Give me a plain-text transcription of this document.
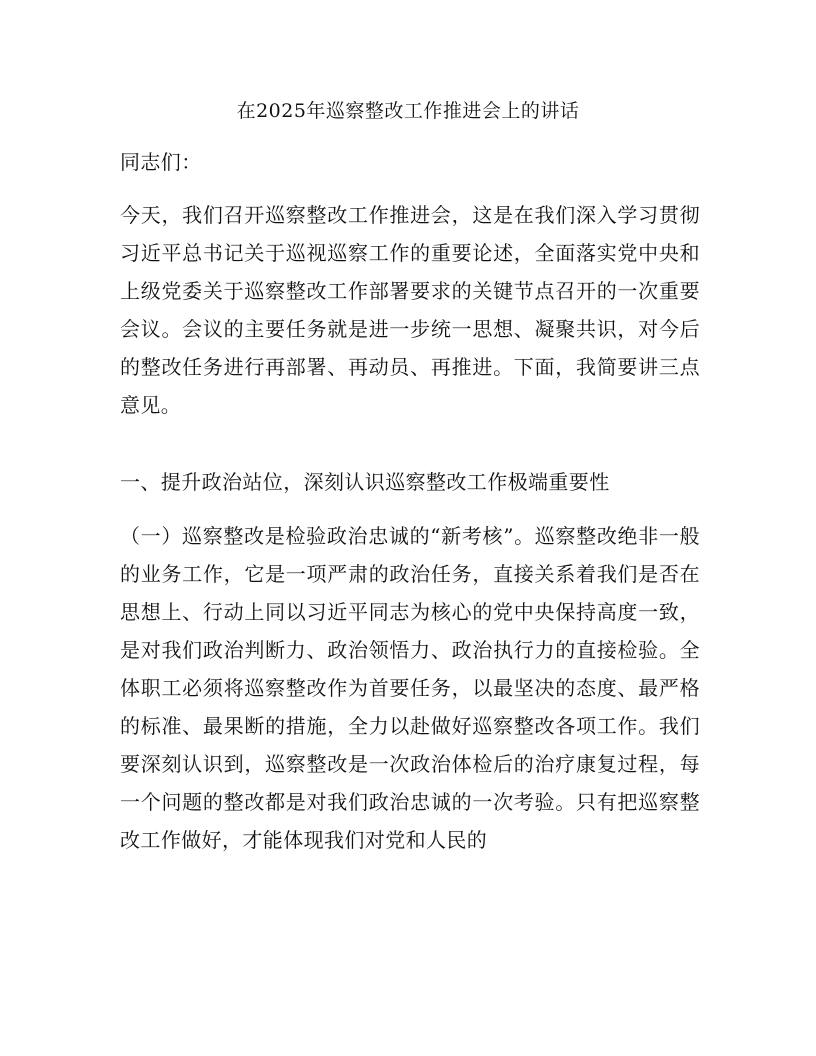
在2025年巡察整改工作推进会上的讲话

同志们：

今天，我们召开巡察整改工作推进会，这是在我们深入学习贯彻习近平总书记关于巡视巡察工作的重要论述，全面落实党中央和上级党委关于巡察整改工作部署要求的关键节点召开的一次重要会议。会议的主要任务就是进一步统一思想、凝聚共识，对今后的整改任务进行再部署、再动员、再推进。下面，我简要讲三点意见。

一、提升政治站位，深刻认识巡察整改工作极端重要性

（一）巡察整改是检验政治忠诚的“新考核”。巡察整改绝非一般的业务工作，它是一项严肃的政治任务，直接关系着我们是否在思想上、行动上同以习近平同志为核心的党中央保持高度一致，是对我们政治判断力、政治领悟力、政治执行力的直接检验。全体职工必须将巡察整改作为首要任务，以最坚决的态度、最严格的标准、最果断的措施，全力以赴做好巡察整改各项工作。我们要深刻认识到，巡察整改是一次政治体检后的治疗康复过程，每一个问题的整改都是对我们政治忠诚的一次考验。只有把巡察整改工作做好，才能体现我们对党和人民的
